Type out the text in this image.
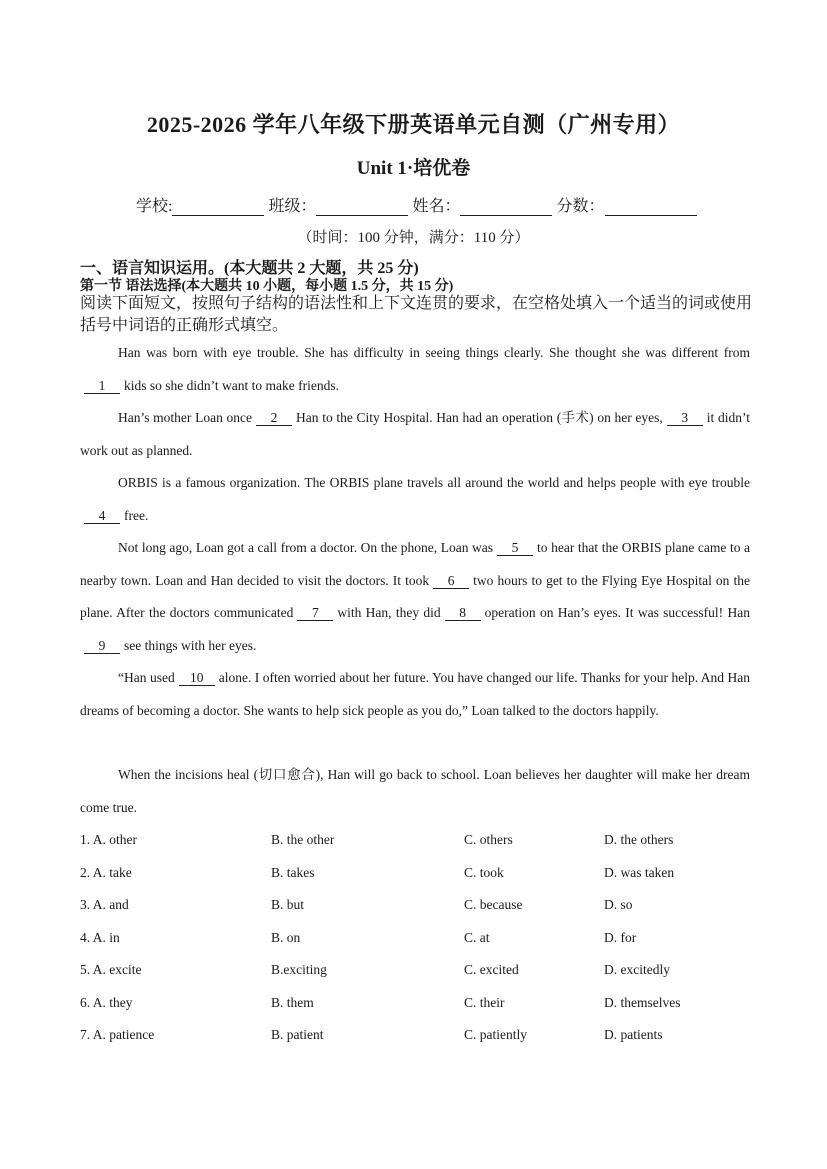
2025-2026 学年八年级下册英语单元自测（广州专用）
Unit 1·培优卷
学校:	班级：	姓名：	分数：
（时间：100 分钟，满分：110 分）
一、语言知识运用。(本大题共 2 大题，共 25 分)
第一节 语法选择(本大题共 10 小题，每小题 1.5 分，共 15 分)
阅读下面短文，按照句子结构的语法性和上下文连贯的要求，在空格处填入一个适当的词或使用括号中词语的正确形式填空。
Han was born with eye trouble. She has difficulty in seeing things clearly. She thought she was different from1 kids so she didn’t want to make friends.
Han’s mother Loan once 2 Han to the City Hospital. Han had an operation (手术) on her eyes, 3 it didn’t work out as planned.
ORBIS is a famous organization. The ORBIS plane travels all around the world and helps people with eye trouble4 free.
Not long ago, Loan got a call from a doctor. On the phone, Loan was 5 to hear that the ORBIS plane came to a nearby town. Loan and Han decided to visit the doctors. It took 6 two hours to get to the Flying Eye Hospital on the plane. After the doctors communicated 7 with Han, they did 8 operation on Han’s eyes. It was successful! Han9 see things with her eyes.
“Han used 10 alone. I often worried about her future. You have changed our life. Thanks for your help. And Han dreams of becoming a doctor. She wants to help sick people as you do,” Loan talked to the doctors happily.
When the incisions heal (切口愈合), Han will go back to school. Loan believes her daughter will make her dream come true.
1. A. other	B. the other	C. others	D. the others
2. A. take	B. takes	C. took	D. was taken
3. A. and	B. but	C. because	D. so
4. A. in	B. on	C. at	D. for
5. A. excite	B.exciting	C. excited	D. excitedly
6. A. they	B. them	C. their	D. themselves
7. A. patience	B. patient	C. patiently	D. patients
